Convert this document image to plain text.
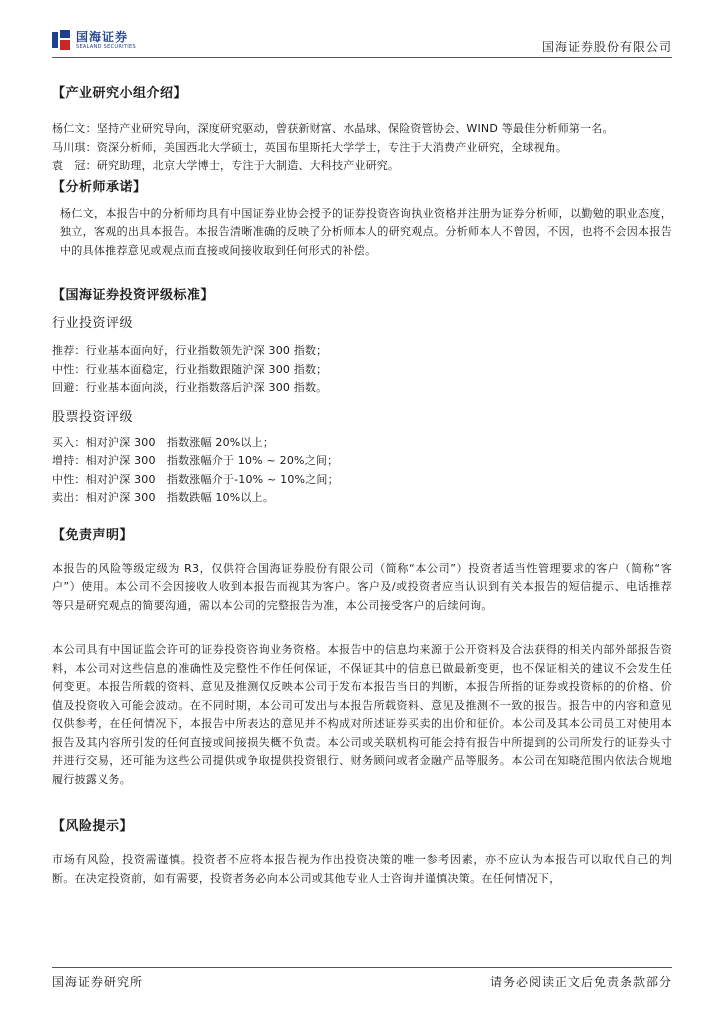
国海证券
SEALAND SECURITIES	国海证券股份有限公司

【产业研究小组介绍】

杨仁文：坚持产业研究导向，深度研究驱动，曾获新财富、水晶球、保险资管协会、WIND 等最佳分析师第一名。

马川琪：资深分析师，美国西北大学硕士，英国布里斯托大学学士，专注于大消费产业研究，全球视角。

袁　冠：研究助理，北京大学博士，专注于大制造、大科技产业研究。

【分析师承诺】

杨仁文，本报告中的分析师均具有中国证券业协会授予的证券投资咨询执业资格并注册为证券分析师，以勤勉的职业态度，独立，客观的出具本报告。本报告清晰准确的反映了分析师本人的研究观点。分析师本人不曾因，不因，也将不会因本报告中的具体推荐意见或观点而直接或间接收取到任何形式的补偿。

【国海证券投资评级标准】

行业投资评级

推荐：行业基本面向好，行业指数领先沪深 300 指数；

中性：行业基本面稳定，行业指数跟随沪深 300 指数；

回避：行业基本面向淡，行业指数落后沪深 300 指数。

股票投资评级

买入：相对沪深 300　指数涨幅 20%以上；

增持：相对沪深 300　指数涨幅介于 10% ~ 20%之间；

中性：相对沪深 300　指数涨幅介于-10% ~ 10%之间；

卖出：相对沪深 300　指数跌幅 10%以上。

【免责声明】

本报告的风险等级定级为 R3，仅供符合国海证券股份有限公司（简称“本公司”）投资者适当性管理要求的客户（简称“客户”）使用。本公司不会因接收人收到本报告而视其为客户。客户及/或投资者应当认识到有关本报告的短信提示、电话推荐等只是研究观点的简要沟通，需以本公司的完整报告为准，本公司接受客户的后续问询。

本公司具有中国证监会许可的证券投资咨询业务资格。本报告中的信息均来源于公开资料及合法获得的相关内部外部报告资料，本公司对这些信息的准确性及完整性不作任何保证，不保证其中的信息已做最新变更，也不保证相关的建议不会发生任何变更。本报告所载的资料、意见及推测仅反映本公司于发布本报告当日的判断，本报告所指的证券或投资标的的价格、价值及投资收入可能会波动。在不同时期，本公司可发出与本报告所载资料、意见及推测不一致的报告。报告中的内容和意见仅供参考，在任何情况下，本报告中所表达的意见并不构成对所述证券买卖的出价和征价。本公司及其本公司员工对使用本报告及其内容所引发的任何直接或间接损失概不负责。本公司或关联机构可能会持有报告中所提到的公司所发行的证券头寸并进行交易，还可能为这些公司提供或争取提供投资银行、财务顾问或者金融产品等服务。本公司在知晓范围内依法合规地履行披露义务。

【风险提示】

市场有风险，投资需谨慎。投资者不应将本报告视为作出投资决策的唯一参考因素，亦不应认为本报告可以取代自己的判断。在决定投资前，如有需要，投资者务必向本公司或其他专业人士咨询并谨慎决策。在任何情况下，

国海证券研究所	请务必阅读正文后免责条款部分
